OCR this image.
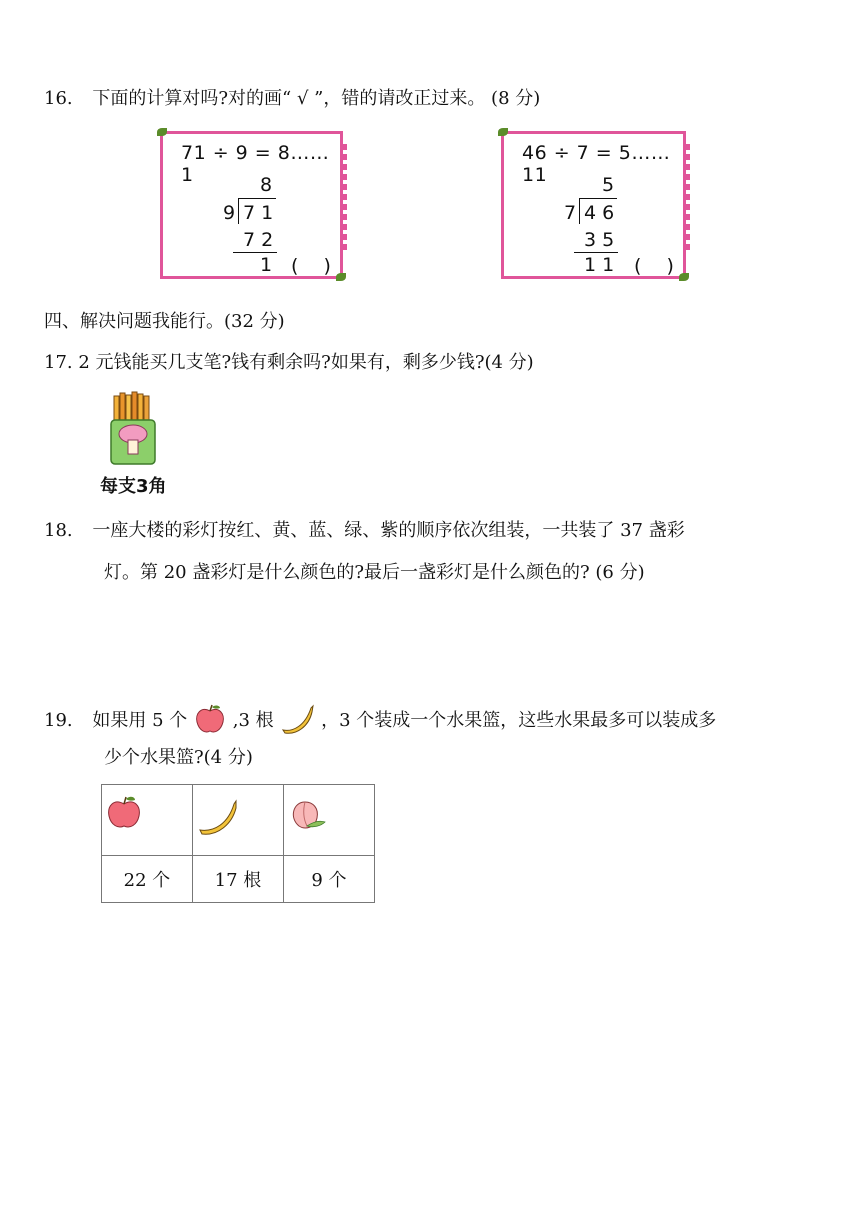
16. 下面的计算对吗?对的画“ √ ”，错的请改正过来。 (8 分)
71 ÷ 9 = 8……1	8
9 7 1
7 2
1 (　 )
46 ÷ 7 = 5……11	5
7 4 6
3 5
1 1 (　 )
四、解决问题我能行。(32 分)
17. 2 元钱能买几支笔?钱有剩余吗?如果有，剩多少钱?(4 分)
每支3角
18. 一座大楼的彩灯按红、黄、蓝、绿、紫的顺序依次组装，一共装了 37 盏彩
灯。第 20 盏彩灯是什么颜色的?最后一盏彩灯是什么颜色的? (6 分)
19. 如果用 5 个	,3 根	，3 个装成一个水果篮，这些水果最多可以装成多
少个水果篮?(4 分)

22 个	17 根	9 个
